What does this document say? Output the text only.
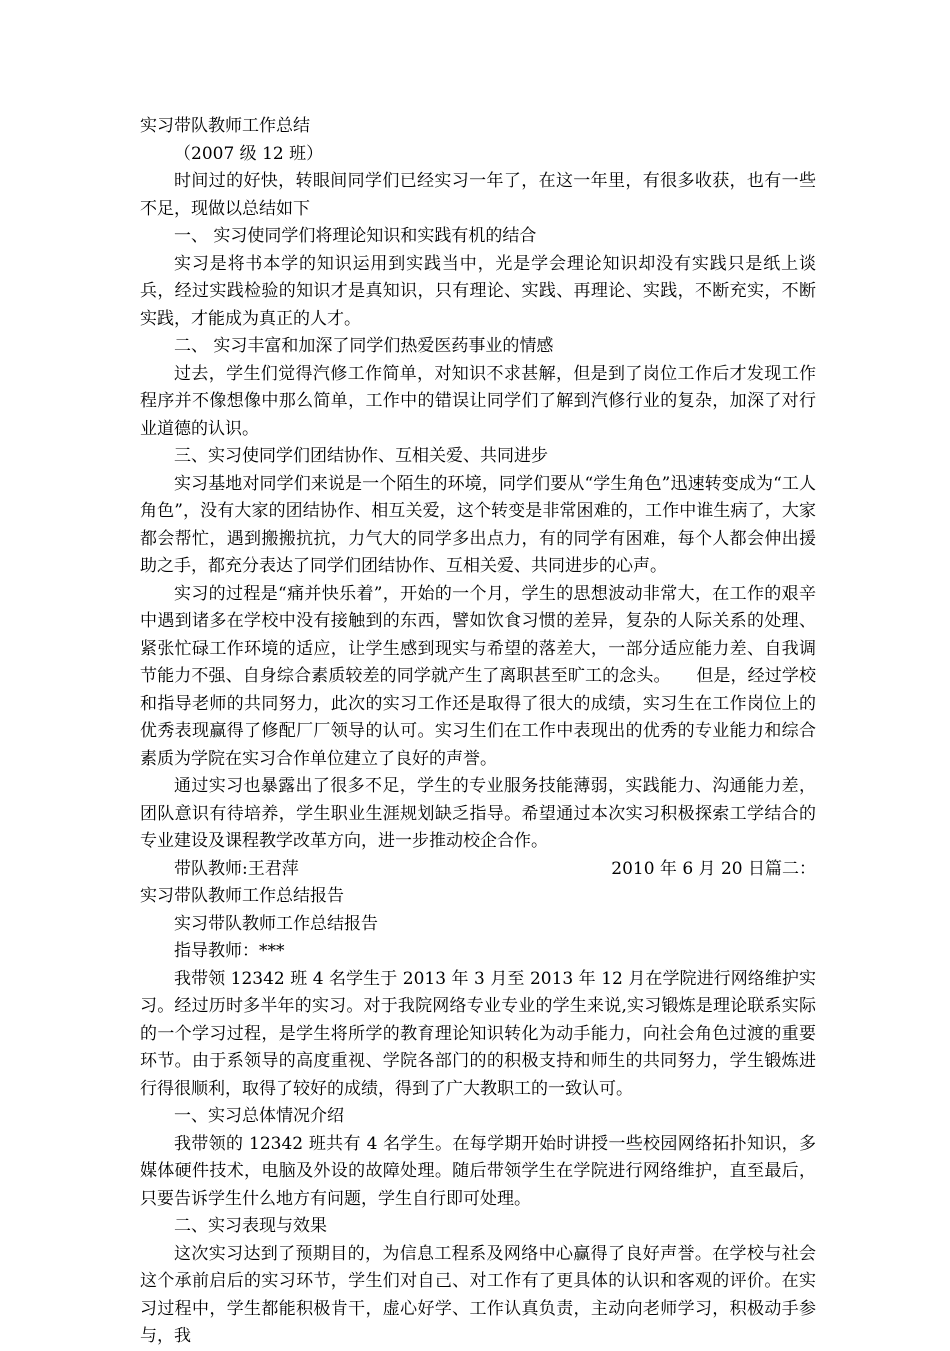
实习带队教师工作总结

（2007 级 12 班）

时间过的好快，转眼间同学们已经实习一年了，在这一年里，有很多收获，也有一些不足，现做以总结如下

一、 实习使同学们将理论知识和实践有机的结合

实习是将书本学的知识运用到实践当中，光是学会理论知识却没有实践只是纸上谈兵，经过实践检验的知识才是真知识，只有理论、实践、再理论、实践，不断充实，不断实践，才能成为真正的人才。

二、 实习丰富和加深了同学们热爱医药事业的情感

过去，学生们觉得汽修工作简单，对知识不求甚解，但是到了岗位工作后才发现工作程序并不像想像中那么简单，工作中的错误让同学们了解到汽修行业的复杂，加深了对行业道德的认识。

三、实习使同学们团结协作、互相关爱、共同进步

实习基地对同学们来说是一个陌生的环境，同学们要从“学生角色”迅速转变成为“工人角色”，没有大家的团结协作、相互关爱，这个转变是非常困难的，工作中谁生病了，大家都会帮忙，遇到搬搬抗抗，力气大的同学多出点力，有的同学有困难，每个人都会伸出援助之手，都充分表达了同学们团结协作、互相关爱、共同进步的心声。

实习的过程是“痛并快乐着”，开始的一个月，学生的思想波动非常大，在工作的艰辛中遇到诸多在学校中没有接触到的东西，譬如饮食习惯的差异，复杂的人际关系的处理、紧张忙碌工作环境的适应，让学生感到现实与希望的落差大，一部分适应能力差、自我调节能力不强、自身综合素质较差的同学就产生了离职甚至旷工的念头。　　但是，经过学校和指导老师的共同努力，此次的实习工作还是取得了很大的成绩，实习生在工作岗位上的优秀表现赢得了修配厂厂领导的认可。实习生们在工作中表现出的优秀的专业能力和综合素质为学院在实习合作单位建立了良好的声誉。

通过实习也暴露出了很多不足，学生的专业服务技能薄弱，实践能力、沟通能力差，团队意识有待培养，学生职业生涯规划缺乏指导。希望通过本次实习积极探索工学结合的专业建设及课程教学改革方向，进一步推动校企合作。

带队教师:王君萍	2010 年 6 月 20 日篇二：

实习带队教师工作总结报告

实习带队教师工作总结报告

指导教师：***

我带领 12342 班 4 名学生于 2013 年 3 月至 2013 年 12 月在学院进行网络维护实习。经过历时多半年的实习。对于我院网络专业专业的学生来说,实习锻炼是理论联系实际的一个学习过程，是学生将所学的教育理论知识转化为动手能力，向社会角色过渡的重要环节。由于系领导的高度重视、学院各部门的的积极支持和师生的共同努力，学生锻炼进行得很顺利，取得了较好的成绩，得到了广大教职工的一致认可。

一、实习总体情况介绍

我带领的 12342 班共有 4 名学生。在每学期开始时讲授一些校园网络拓扑知识，多媒体硬件技术，电脑及外设的故障处理。随后带领学生在学院进行网络维护，直至最后，只要告诉学生什么地方有问题，学生自行即可处理。

二、实习表现与效果

这次实习达到了预期目的，为信息工程系及网络中心赢得了良好声誉。在学校与社会这个承前启后的实习环节，学生们对自己、对工作有了更具体的认识和客观的评价。在实习过程中，学生都能积极肯干，虚心好学、工作认真负责，主动向老师学习，积极动手参与，我
